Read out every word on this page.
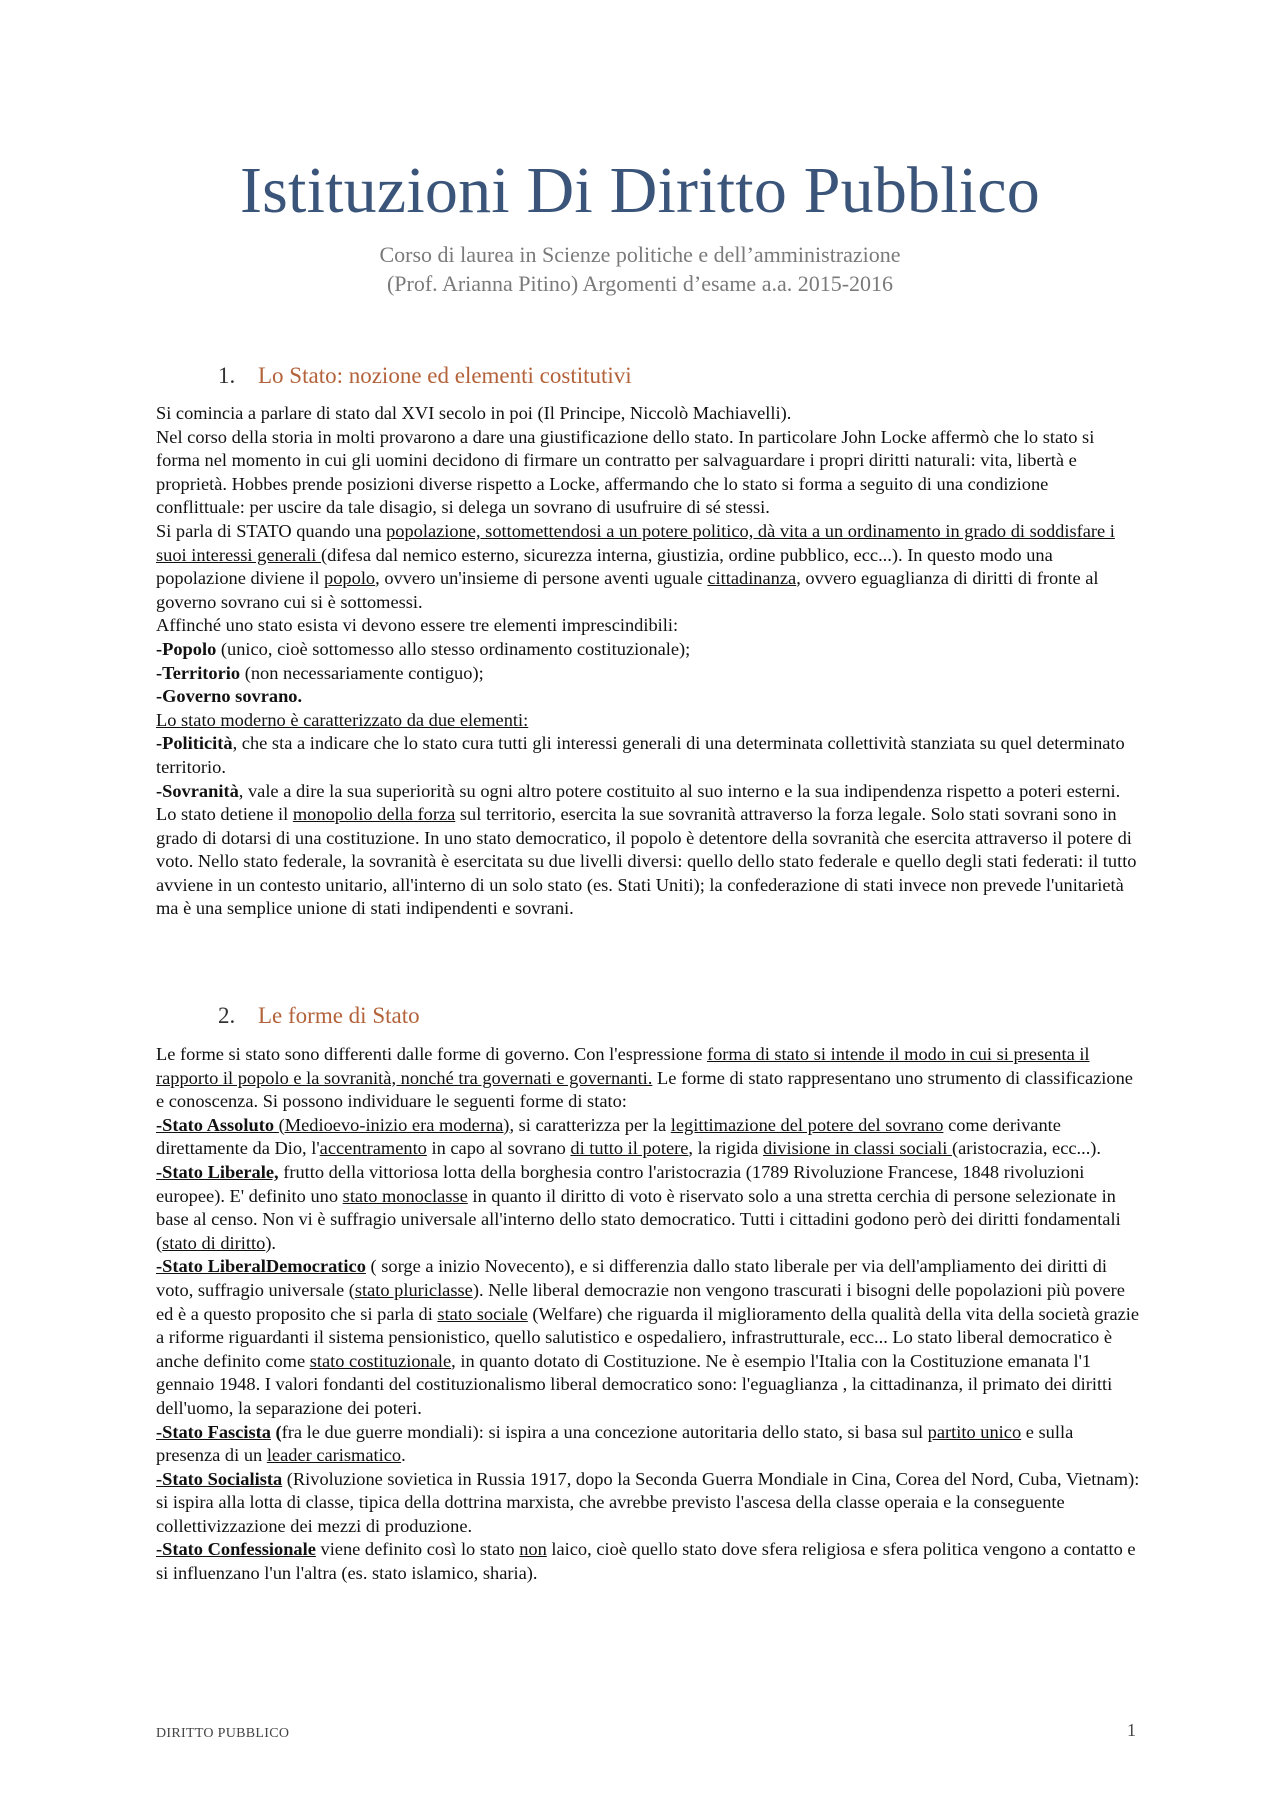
Istituzioni Di Diritto Pubblico
Corso di laurea in Scienze politiche e dell’amministrazione
(Prof. Arianna Pitino) Argomenti d’esame a.a. 2015-2016
1. Lo Stato: nozione ed elementi costitutivi

Si comincia a parlare di stato dal XVI secolo in poi (Il Principe, Niccolò Machiavelli).

Nel corso della storia in molti provarono a dare una giustificazione dello stato. In particolare John Locke affermò che lo stato si forma nel momento in cui gli uomini decidono di firmare un contratto per salvaguardare i propri diritti naturali: vita, libertà e proprietà. Hobbes prende posizioni diverse rispetto a Locke, affermando che lo stato si forma a seguito di una condizione conflittuale: per uscire da tale disagio, si delega un sovrano di usufruire di sé stessi.

Si parla di STATO quando una popolazione, sottomettendosi a un potere politico, dà vita a un ordinamento in grado di soddisfare i suoi interessi generali (difesa dal nemico esterno, sicurezza interna, giustizia, ordine pubblico, ecc...). In questo modo una popolazione diviene il popolo, ovvero un'insieme di persone aventi uguale cittadinanza, ovvero eguaglianza di diritti di fronte al governo sovrano cui si è sottomessi.

Affinché uno stato esista vi devono essere tre elementi imprescindibili:

-Popolo (unico, cioè sottomesso allo stesso ordinamento costituzionale);

-Territorio (non necessariamente contiguo);

-Governo sovrano.

Lo stato moderno è caratterizzato da due elementi:

-Politicità, che sta a indicare che lo stato cura tutti gli interessi generali di una determinata collettività stanziata su quel determinato territorio.

-Sovranità, vale a dire la sua superiorità su ogni altro potere costituito al suo interno e la sua indipendenza rispetto a poteri esterni. Lo stato detiene il monopolio della forza sul territorio, esercita la sue sovranità attraverso la forza legale. Solo stati sovrani sono in grado di dotarsi di una costituzione. In uno stato democratico, il popolo è detentore della sovranità che esercita attraverso il potere di voto. Nello stato federale, la sovranità è esercitata su due livelli diversi: quello dello stato federale e quello degli stati federati: il tutto avviene in un contesto unitario, all'interno di un solo stato (es. Stati Uniti); la confederazione di stati invece non prevede l'unitarietà ma è una semplice unione di stati indipendenti e sovrani.

2. Le forme di Stato

Le forme si stato sono differenti dalle forme di governo. Con l'espressione forma di stato si intende il modo in cui si presenta il rapporto il popolo e la sovranità, nonché tra governati e governanti. Le forme di stato rappresentano uno strumento di classificazione e conoscenza. Si possono individuare le seguenti forme di stato:

-Stato Assoluto (Medioevo-inizio era moderna), si caratterizza per la legittimazione del potere del sovrano come derivante direttamente da Dio, l'accentramento in capo al sovrano di tutto il potere, la rigida divisione in classi sociali (aristocrazia, ecc...).

-Stato Liberale, frutto della vittoriosa lotta della borghesia contro l'aristocrazia (1789 Rivoluzione Francese, 1848 rivoluzioni europee). E' definito uno stato monoclasse in quanto il diritto di voto è riservato solo a una stretta cerchia di persone selezionate in base al censo. Non vi è suffragio universale all'interno dello stato democratico. Tutti i cittadini godono però dei diritti fondamentali (stato di diritto).

-Stato LiberalDemocratico ( sorge a inizio Novecento), e si differenzia dallo stato liberale per via dell'ampliamento dei diritti di voto, suffragio universale (stato pluriclasse). Nelle liberal democrazie non vengono trascurati i bisogni delle popolazioni più povere ed è a questo proposito che si parla di stato sociale (Welfare) che riguarda il miglioramento della qualità della vita della società grazie a riforme riguardanti il sistema pensionistico, quello salutistico e ospedaliero, infrastrutturale, ecc... Lo stato liberal democratico è anche definito come stato costituzionale, in quanto dotato di Costituzione. Ne è esempio l'Italia con la Costituzione emanata l'1 gennaio 1948. I valori fondanti del costituzionalismo liberal democratico sono: l'eguaglianza , la cittadinanza, il primato dei diritti dell'uomo, la separazione dei poteri.

-Stato Fascista (fra le due guerre mondiali): si ispira a una concezione autoritaria dello stato, si basa sul partito unico e sulla presenza di un leader carismatico.

-Stato Socialista (Rivoluzione sovietica in Russia 1917, dopo la Seconda Guerra Mondiale in Cina, Corea del Nord, Cuba, Vietnam): si ispira alla lotta di classe, tipica della dottrina marxista, che avrebbe previsto l'ascesa della classe operaia e la conseguente collettivizzazione dei mezzi di produzione.

-Stato Confessionale viene definito così lo stato non laico, cioè quello stato dove sfera religiosa e sfera politica vengono a contatto e si influenzano l'un l'altra (es. stato islamico, sharia).

DIRITTO PUBBLICO	1
